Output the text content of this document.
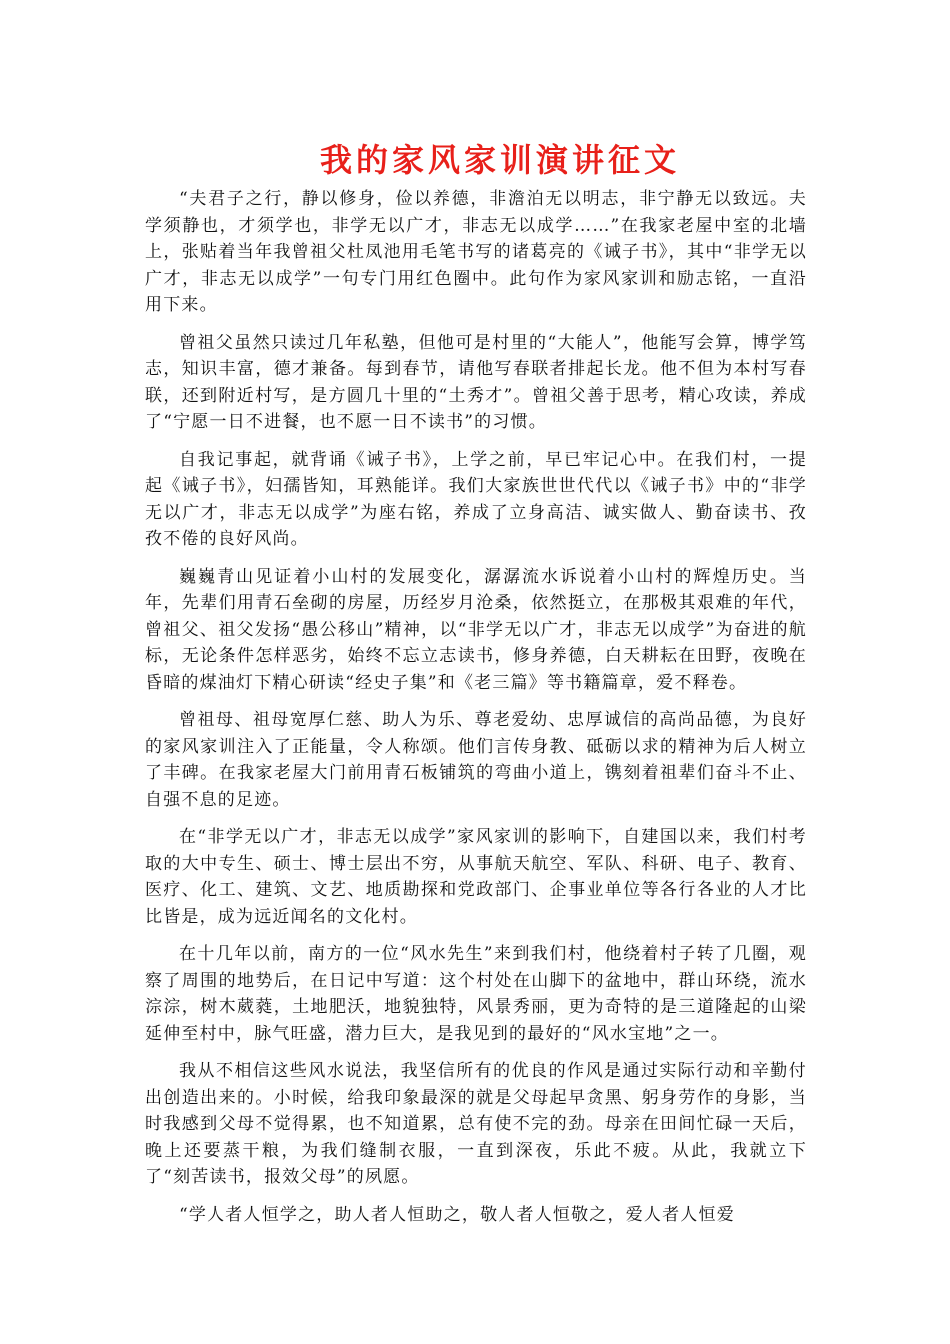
我的家风家训演讲征文

“夫君子之行，静以修身，俭以养德，非澹泊无以明志，非宁静无以致远。夫学须静也，才须学也，非学无以广才，非志无以成学……”在我家老屋中室的北墙上，张贴着当年我曾祖父杜凤池用毛笔书写的诸葛亮的《诫子书》，其中“非学无以广才，非志无以成学”一句专门用红色圈中。此句作为家风家训和励志铭，一直沿用下来。

曾祖父虽然只读过几年私塾，但他可是村里的“大能人”，他能写会算，博学笃志，知识丰富，德才兼备。每到春节，请他写春联者排起长龙。他不但为本村写春联，还到附近村写，是方圆几十里的“土秀才”。曾祖父善于思考，精心攻读，养成了“宁愿一日不进餐，也不愿一日不读书”的习惯。

自我记事起，就背诵《诫子书》，上学之前，早已牢记心中。在我们村，一提起《诫子书》，妇孺皆知，耳熟能详。我们大家族世世代代以《诫子书》中的“非学无以广才，非志无以成学”为座右铭，养成了立身高洁、诚实做人、勤奋读书、孜孜不倦的良好风尚。

巍巍青山见证着小山村的发展变化，潺潺流水诉说着小山村的辉煌历史。当年，先辈们用青石垒砌的房屋，历经岁月沧桑，依然挺立，在那极其艰难的年代，曾祖父、祖父发扬“愚公移山”精神，以“非学无以广才，非志无以成学”为奋进的航标，无论条件怎样恶劣，始终不忘立志读书，修身养德，白天耕耘在田野，夜晚在昏暗的煤油灯下精心研读“经史子集”和《老三篇》等书籍篇章，爱不释卷。

曾祖母、祖母宽厚仁慈、助人为乐、尊老爱幼、忠厚诚信的高尚品德，为良好的家风家训注入了正能量，令人称颂。他们言传身教、砥砺以求的精神为后人树立了丰碑。在我家老屋大门前用青石板铺筑的弯曲小道上，镌刻着祖辈们奋斗不止、自强不息的足迹。

在“非学无以广才，非志无以成学”家风家训的影响下，自建国以来，我们村考取的大中专生、硕士、博士层出不穷，从事航天航空、军队、科研、电子、教育、医疗、化工、建筑、文艺、地质勘探和党政部门、企事业单位等各行各业的人才比比皆是，成为远近闻名的文化村。

在十几年以前，南方的一位“风水先生”来到我们村，他绕着村子转了几圈，观察了周围的地势后，在日记中写道：这个村处在山脚下的盆地中，群山环绕，流水淙淙，树木葳蕤，土地肥沃，地貌独特，风景秀丽，更为奇特的是三道隆起的山梁延伸至村中，脉气旺盛，潜力巨大，是我见到的最好的“风水宝地”之一。

我从不相信这些风水说法，我坚信所有的优良的作风是通过实际行动和辛勤付出创造出来的。小时候，给我印象最深的就是父母起早贪黑、躬身劳作的身影，当时我感到父母不觉得累，也不知道累，总有使不完的劲。母亲在田间忙碌一天后，晚上还要蒸干粮，为我们缝制衣服，一直到深夜，乐此不疲。从此，我就立下了“刻苦读书，报效父母”的夙愿。

“学人者人恒学之，助人者人恒助之，敬人者人恒敬之，爱人者人恒爱
